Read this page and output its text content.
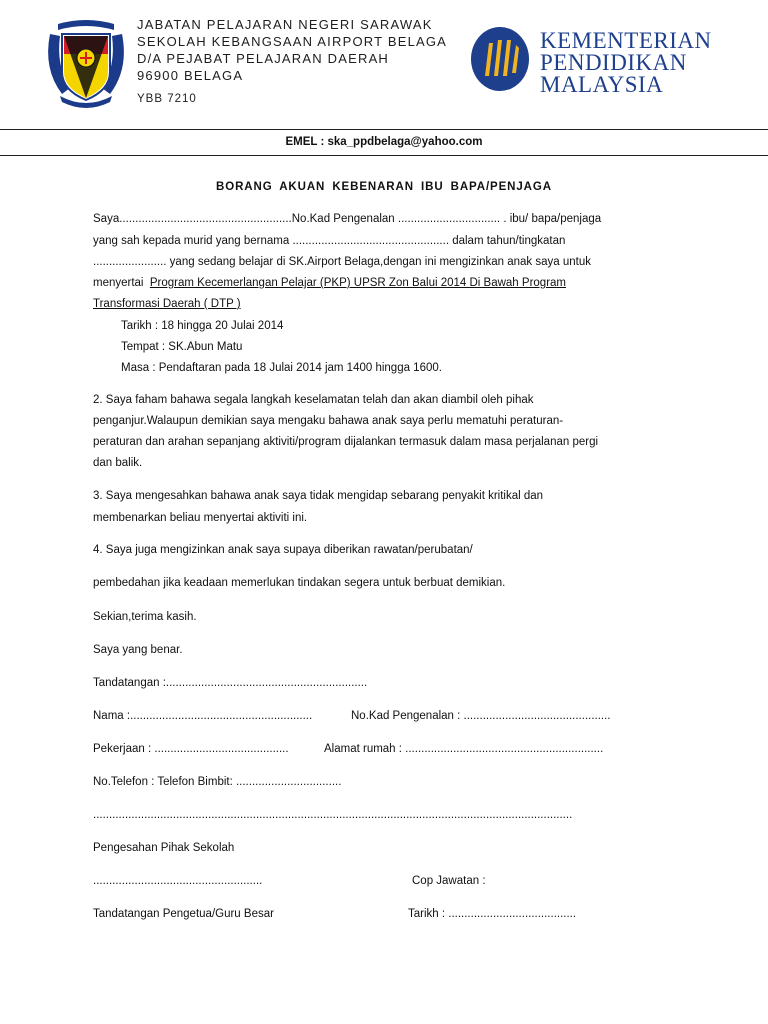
JABATAN PELAJARAN NEGERI SARAWAK
SEKOLAH KEBANGSAAN AIRPORT BELAGA
D/A PEJABAT PELAJARAN DAERAH
96900 BELAGA
YBB 7210
KEMENTERIAN
PENDIDIKAN
MALAYSIA
EMEL : ska_ppdbelaga@yahoo.com
BORANG AKUAN KEBENARAN IBU BAPA/PENJAGA
Saya......................................................No.Kad Pengenalan ................................ . ibu/ bapa/penjaga
yang sah kepada murid yang bernama ................................................. dalam tahun/tingkatan
....................... yang sedang belajar di SK.Airport Belaga,dengan ini mengizinkan anak saya untuk
menyertai Program Kecemerlangan Pelajar (PKP) UPSR Zon Balui 2014 Di Bawah Program
Transformasi Daerah ( DTP )
Tarikh : 18 hingga 20 Julai 2014
Tempat : SK.Abun Matu
Masa : Pendaftaran pada 18 Julai 2014 jam 1400 hingga 1600.
2. Saya faham bahawa segala langkah keselamatan telah dan akan diambil oleh pihak
penganjur.Walaupun demikian saya mengaku bahawa anak saya perlu mematuhi peraturan-
peraturan dan arahan sepanjang aktiviti/program dijalankan termasuk dalam masa perjalanan pergi
dan balik.
3. Saya mengesahkan bahawa anak saya tidak mengidap sebarang penyakit kritikal dan
membenarkan beliau menyertai aktiviti ini.
4. Saya juga mengizinkan anak saya supaya diberikan rawatan/perubatan/
pembedahan jika keadaan memerlukan tindakan segera untuk berbuat demikian.
Sekian,terima kasih.
Saya yang benar.
Tandatangan :...............................................................
Nama :.........................................................	No.Kad Pengenalan : ..............................................
Pekerjaan : ..........................................	Alamat rumah : ..............................................................
No.Telefon : Telefon Bimbit: .................................
......................................................................................................................................................
Pengesahan Pihak Sekolah
.....................................................	Cop Jawatan :
Tandatangan Pengetua/Guru Besar	Tarikh : ........................................
